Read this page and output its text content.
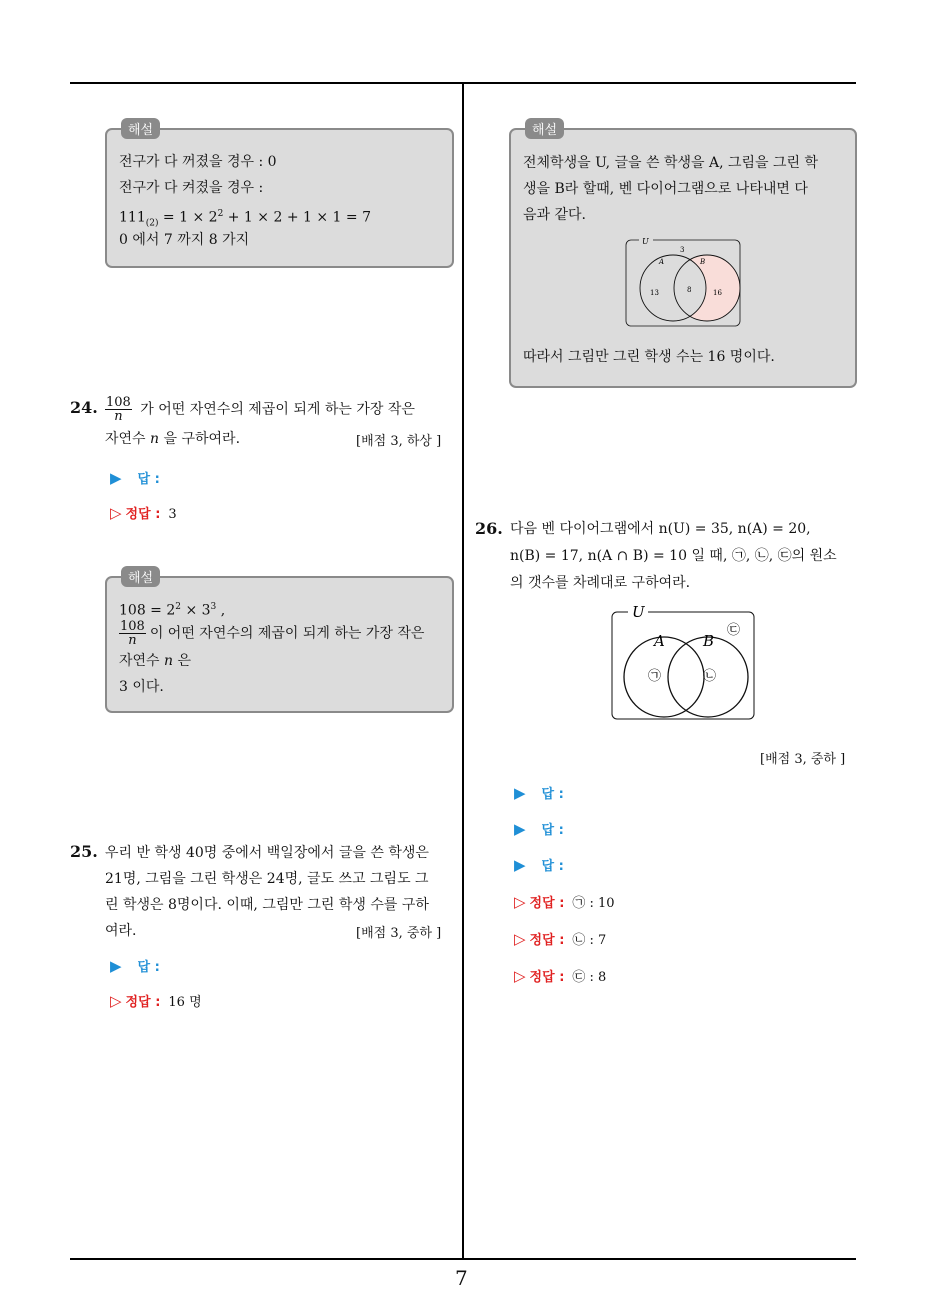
7
해설
전구가 다 꺼졌을 경우 : 0
전구가 다 켜졌을 경우 :
$111_{(2)} = 1 \times 2^2 + 1 \times 2 + 1 \times 1 = 7$
0 에서 7 까지 8 가지
24. $\frac{108}{n}$ 가 어떤 자연수의 제곱이 되게 하는 가장 작은
자연수 n 을 구하여라.	[배점 3, 하상 ]
▶ 답 :
▷ 정답 : 3
해설
$108 = 2^2 \times 3^3$ ,
$\frac{108}{n}$ 이 어떤 자연수의 제곱이 되게 하는 가장 작은
자연수 n 은
3 이다.
25. 우리 반 학생 40명 중에서 백일장에서 글을 쓴 학생은
21명, 그림을 그린 학생은 24명, 글도 쓰고 그림도 그
린 학생은 8명이다. 이때, 그림만 그린 학생 수를 구하
여라.	[배점 3, 중하 ]
▶ 답 :
▷ 정답 : 16 명
해설
전체학생을 U, 글을 쓴 학생을 A, 그림을 그린 학
생을 B라 할때, 벤 다이어그램으로 나타내면 다
음과 같다.
U
3
A	B
13	8	16
따라서 그림만 그린 학생 수는 16 명이다.
26. 다음 벤 다이어그램에서 n(U) = 35, n(A) = 20,
n(B) = 17, n(A ∩ B) = 10 일 때, ㉠, ㉡, ㉢의 원소
의 갯수를 차례대로 구하여라.
U
A	B
㉠	㉡
㉢
[배점 3, 중하 ]
▶ 답 :
▶ 답 :
▶ 답 :
▷ 정답 : ㉠ : 10
▷ 정답 : ㉡ : 7
▷ 정답 : ㉢ : 8
